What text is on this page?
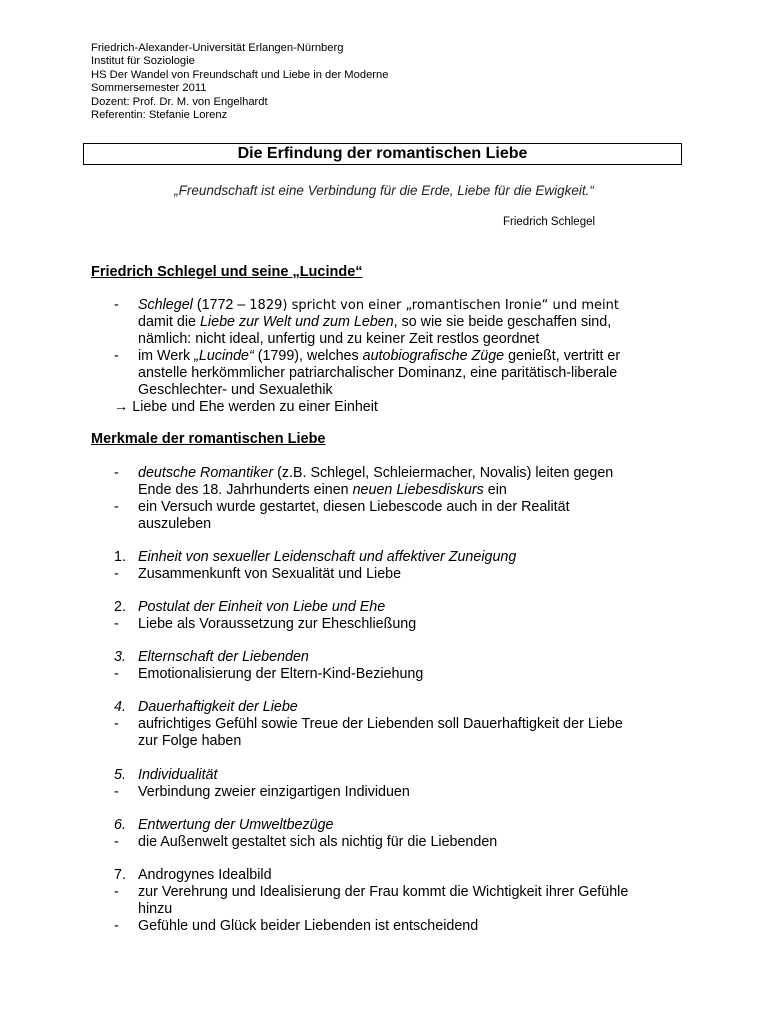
Friedrich-Alexander-Universität Erlangen-Nürnberg
Institut für Soziologie
HS Der Wandel von Freundschaft und Liebe in der Moderne
Sommersemester 2011
Dozent: Prof. Dr. M. von Engelhardt
Referentin: Stefanie Lorenz
Die Erfindung der romantischen Liebe
„Freundschaft ist eine Verbindung für die Erde, Liebe für die Ewigkeit.“
Friedrich Schlegel
Friedrich Schlegel und seine „Lucinde“
- Schlegel (1772 – 1829) spricht von einer „romantischen Ironie“ und meint
damit die Liebe zur Welt und zum Leben, so wie sie beide geschaffen sind,
nämlich: nicht ideal, unfertig und zu keiner Zeit restlos geordnet
- im Werk „Lucinde“ (1799), welches autobiografische Züge genießt, vertritt er
anstelle herkömmlicher patriarchalischer Dominanz, eine paritätisch-liberale
Geschlechter- und Sexualethik
→ Liebe und Ehe werden zu einer Einheit
Merkmale der romantischen Liebe
- deutsche Romantiker (z.B. Schlegel, Schleiermacher, Novalis) leiten gegen
Ende des 18. Jahrhunderts einen neuen Liebesdiskurs ein
- ein Versuch wurde gestartet, diesen Liebescode auch in der Realität
auszuleben
1. Einheit von sexueller Leidenschaft und affektiver Zuneigung
- Zusammenkunft von Sexualität und Liebe
2. Postulat der Einheit von Liebe und Ehe
- Liebe als Voraussetzung zur Eheschließung
3. Elternschaft der Liebenden
- Emotionalisierung der Eltern-Kind-Beziehung
4. Dauerhaftigkeit der Liebe
- aufrichtiges Gefühl sowie Treue der Liebenden soll Dauerhaftigkeit der Liebe
zur Folge haben
5. Individualität
- Verbindung zweier einzigartigen Individuen
6. Entwertung der Umweltbezüge
- die Außenwelt gestaltet sich als nichtig für die Liebenden
7. Androgynes Idealbild
- zur Verehrung und Idealisierung der Frau kommt die Wichtigkeit ihrer Gefühle
hinzu
- Gefühle und Glück beider Liebenden ist entscheidend
